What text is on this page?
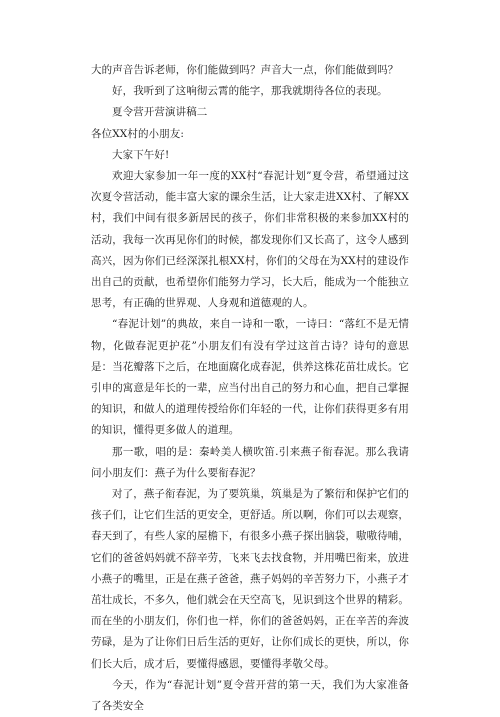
大的声音告诉老师，你们能做到吗？声音大一点，你们能做到吗？

好，我听到了这响彻云霄的能字，那我就期待各位的表现。

夏令营开营演讲稿二

各位XX村的小朋友:

大家下午好!

欢迎大家参加一年一度的XX村“春泥计划”夏令营，希望通过这次夏令营活动，能丰富大家的课余生活，让大家走进XX村、了解XX村，我们中间有很多新居民的孩子，你们非常积极的来参加XX村的活动，我每一次再见你们的时候，都发现你们又长高了，这令人感到高兴，因为你们已经深深扎根XX村，你们的父母在为XX村的建设作出自己的贡献，也希望你们能努力学习，长大后，能成为一个能独立思考，有正确的世界观、人身观和道德观的人。

“春泥计划”的典故，来自一诗和一歌，一诗曰：“落红不是无情物，化做春泥更护花”小朋友们有没有学过这首古诗？诗句的意思是：当花瓣落下之后，在地面腐化成春泥，供养这株花苗壮成长。它引申的寓意是年长的一辈，应当付出自己的努力和心血，把自己掌握的知识，和做人的道理传授给你们年轻的一代，让你们获得更多有用的知识，懂得更多做人的道理。

那一歌，唱的是：秦岭美人横吹笛.引来燕子衔春泥。那么我请问小朋友们：燕子为什么要衔春泥？

对了，燕子衔春泥，为了要筑巢，筑巢是为了繁衍和保护它们的孩子们，让它们生活的更安全，更舒适。所以啊，你们可以去观察，春天到了，有些人家的屋檐下，有很多小燕子探出脑袋，嗷嗷待哺，它们的爸爸妈妈就不辞辛劳，飞来飞去找食物，并用嘴巴衔来，放进小燕子的嘴里，正是在燕子爸爸，燕子妈妈的辛苦努力下，小燕子才茁壮成长，不多久，他们就会在天空高飞，见识到这个世界的精彩。而在坐的小朋友们，你们也一样，你们的爸爸妈妈，正在辛苦的奔波劳碌，是为了让你们日后生活的更好，让你们成长的更快，所以，你们长大后，成才后，要懂得感恩，要懂得孝敬父母。

今天，作为“春泥计划”夏令营开营的第一天，我们为大家准备了各类安全
